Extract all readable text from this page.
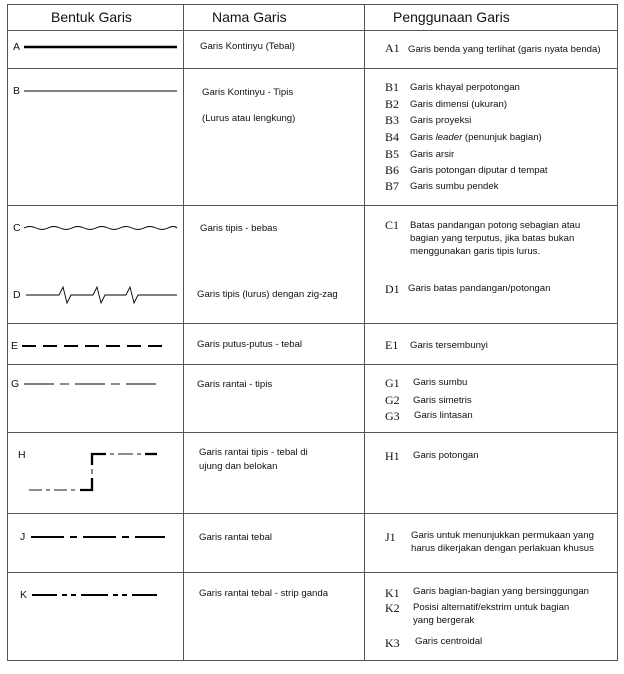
Bentuk Garis	Nama Garis	Penggunaan Garis
A
B
C
D
E
G
H
J
K
Garis Kontinyu (Tebal)
Garis Kontinyu - Tipis
(Lurus atau lengkung)
Garis tipis - bebas
Garis tipis (lurus) dengan zig-zag
Garis putus-putus - tebal
Garis rantai - tipis
Garis rantai tipis - tebal di
ujung dan belokan
Garis rantai tebal
Garis rantai tebal - strip ganda
A1 Garis benda yang terlihat (garis nyata benda)
B1 Garis khayal perpotongan
B2 Garis dimensi (ukuran)
B3 Garis proyeksi
B4 Garis leader (penunjuk bagian)
B5 Garis arsir
B6 Garis potongan diputar d tempat
B7 Garis sumbu pendek
C1 Batas pandangan potong sebagian atau
bagian yang terputus, jika batas bukan
menggunakan garis tipis lurus.
D1 Garis batas pandangan/potongan
E1 Garis tersembunyi
G1 Garis sumbu
G2 Garis simetris
G3 Garis lintasan
H1 Garis potongan
J1 Garis untuk menunjukkan permukaan yang
harus dikerjakan dengan perlakuan khusus
K1 Garis bagian-bagian yang bersinggungan
K2 Posisi alternatif/ekstrim untuk bagian
yang bergerak
K3 Garis centroidal
